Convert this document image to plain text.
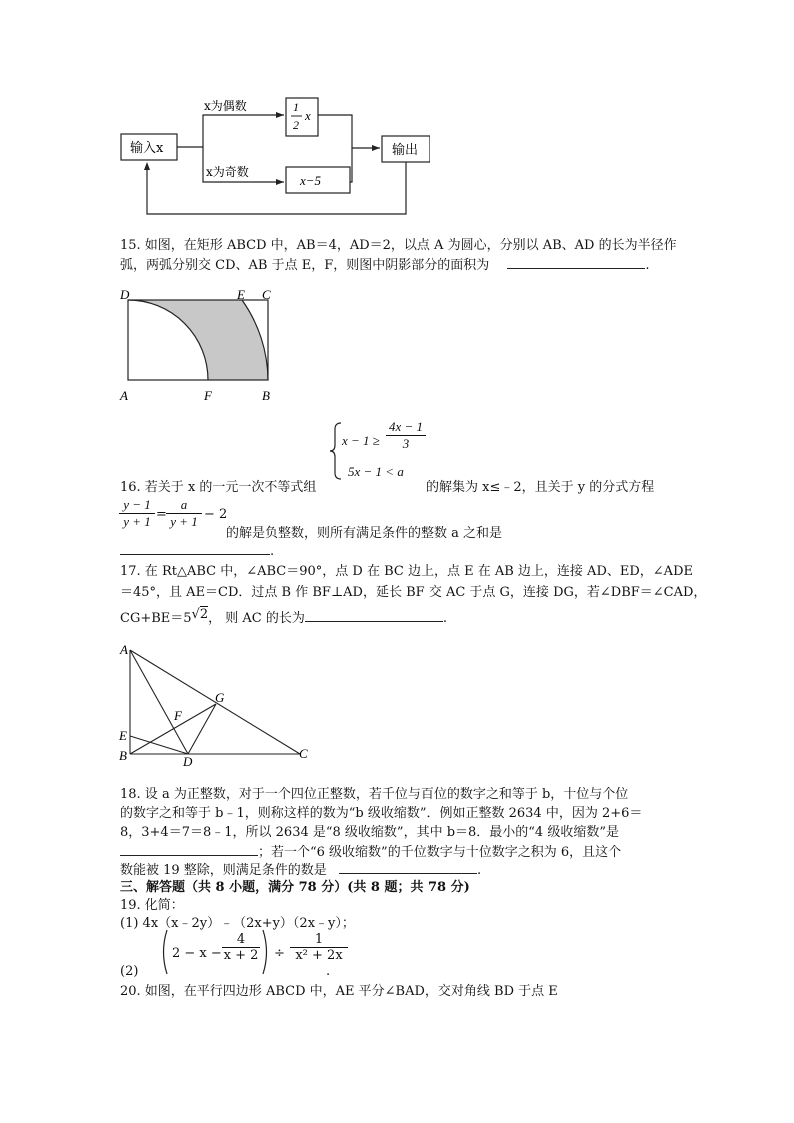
输入x
x为偶数
x为奇数
1
2
x
x−5
输出
15. 如图，在矩形 ABCD 中，AB＝4，AD＝2，以点 A 为圆心，分别以 AB、AD 的长为半径作
弧，两弧分别交 CD、AB 于点 E，F，则图中阴影部分的面积为	.
D	E C
A	F	B
$x - 1 \ge \frac{4x - 1}{3}$
5x − 1 < a
16. 若关于 x 的一元一次不等式组	的解集为 x≤﹣2，且关于 y 的分式方程
$\frac{y - 1}{y + 1} = \frac{a}{y + 1} - 2$
的解是负整数，则所有满足条件的整数 a 之和是
.
17. 在 Rt△ABC 中，∠ABC＝90°，点 D 在 BC 边上，点 E 在 AB 边上，连接 AD、ED，∠ADE
＝45°，且 AE＝CD．过点 B 作 BF⊥AD，延长 BF 交 AC 于点 G，连接 DG，若∠DBF＝∠CAD，
CG+BE＝5√2， 则 AC 的长为	.
A
G
F
E
B	D
C
18. 设 a 为正整数，对于一个四位正整数，若千位与百位的数字之和等于 b，十位与个位
的数字之和等于 b﹣1，则称这样的数为“b 级收缩数”．例如正整数 2634 中，因为 2+6＝
8，3+4＝7＝8﹣1，所以 2634 是“8 级收缩数”，其中 b＝8．最小的“4 级收缩数”是
；若一个“6 级收缩数”的千位数字与十位数字之积为 6，且这个
数能被 19 整除，则满足条件的数是	.
三、解答题（共 8 小题，满分 78 分）(共 8 题；共 78 分)
19. 化简：
(1) 4x（x﹣2y）﹣（2x+y）（2x﹣y）；
(2)
$2 - x - \frac{4}{x + 2} \div \frac{1}{\text{x² + 2x}}$
.
20. 如图，在平行四边形 ABCD 中，AE 平分∠BAD，交对角线 BD 于点 E
